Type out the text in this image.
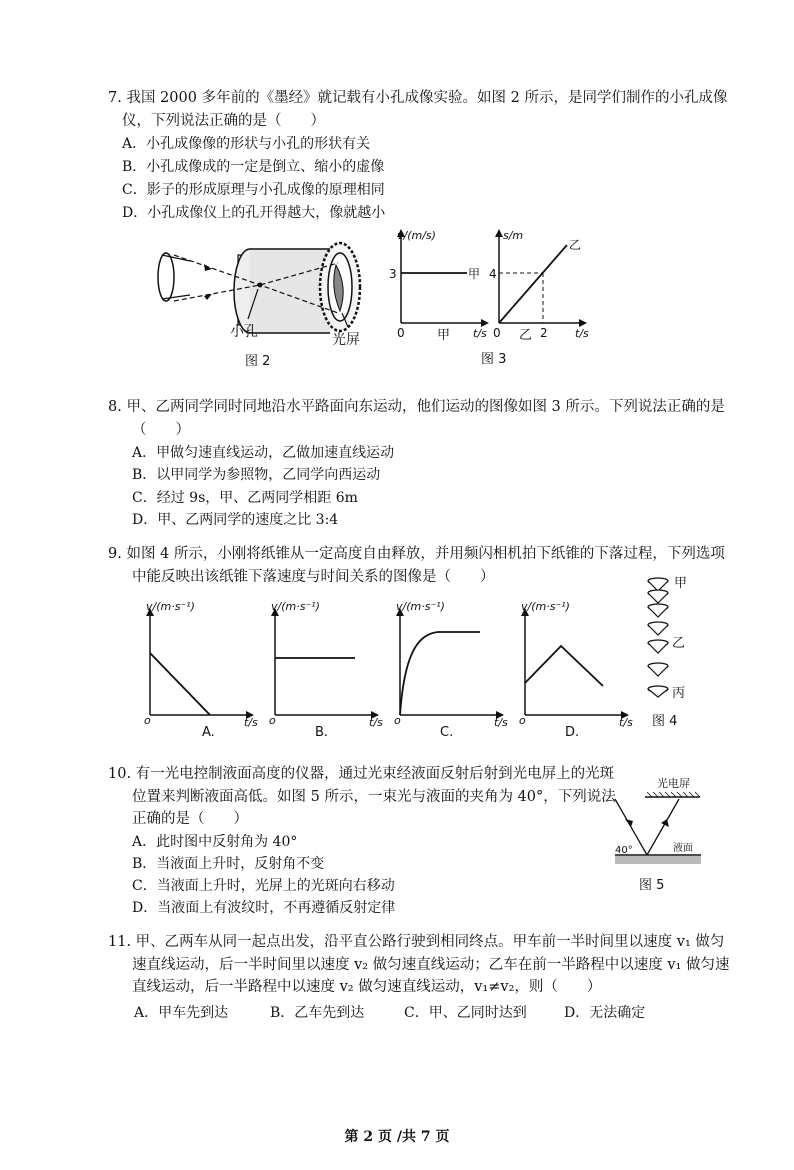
7. 我国 2000 多年前的《墨经》就记载有小孔成像实验。如图 2 所示，是同学们制作的小孔成像
仪，下列说法正确的是（　　）
A．小孔成像像的形状与小孔的形状有关
B．小孔成像成的一定是倒立、缩小的虚像
C．影子的形成原理与小孔成像的原理相同
D．小孔成像仪上的孔开得越大，像就越小
小孔	光屏
图 2
v/(m/s)
3
0	t/s
甲
甲
s/m
4
0	2 t/s
乙
乙
图 3
8. 甲、乙两同学同时同地沿水平路面向东运动，他们运动的图像如图 3 所示。下列说法正确的是
（　　）
A．甲做匀速直线运动，乙做加速直线运动
B．以甲同学为参照物，乙同学向西运动
C．经过 9s，甲、乙两同学相距 6m
D．甲、乙两同学的速度之比 3:4
9. 如图 4 所示，小刚将纸锥从一定高度自由释放，并用频闪相机拍下纸锥的下落过程，下列选项
中能反映出该纸锥下落速度与时间关系的图像是（　　）
v/(m·s⁻¹)
o	t/s
A.
v/(m·s⁻¹)
o	t/s
B.
v/(m·s⁻¹)
o	t/s
C.
v/(m·s⁻¹)
o	t/s
D.
甲
乙
丙
图 4
10. 有一光电控制液面高度的仪器，通过光束经液面反射后射到光电屏上的光斑
位置来判断液面高低。如图 5 所示，一束光与液面的夹角为 40°，下列说法
正确的是（　　）
A．此时图中反射角为 40°
B．当液面上升时，反射角不变
C．当液面上升时，光屏上的光斑向右移动
D．当液面上有波纹时，不再遵循反射定律
光电屏
40°	液面
图 5
11. 甲、乙两车从同一起点出发，沿平直公路行驶到相同终点。甲车前一半时间里以速度 v₁ 做匀
速直线运动，后一半时间里以速度 v₂ 做匀速直线运动；乙车在前一半路程中以速度 v₁ 做匀速
直线运动，后一半路程中以速度 v₂ 做匀速直线运动，v₁≠v₂，则（　　）
A．甲车先到达	B．乙车先到达	C．甲、乙同时达到	D．无法确定
第 2 页 /共 7 页
